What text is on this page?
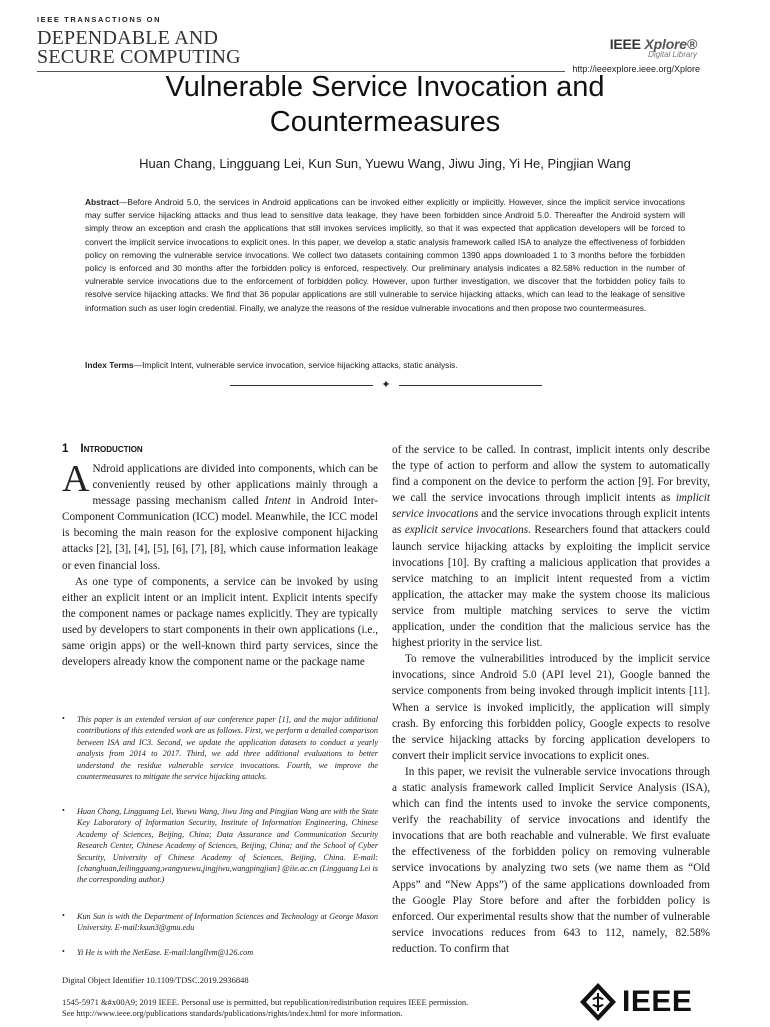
IEEE TRANSACTIONS ON
DEPENDABLE AND
SECURE COMPUTING
IEEE Xplore®
Digital Library
http://ieeexplore.ieee.org/Xplore
Vulnerable Service Invocation and
Countermeasures
Huan Chang, Lingguang Lei, Kun Sun, Yuewu Wang, Jiwu Jing, Yi He, Pingjian Wang
Abstract—Before Android 5.0, the services in Android applications can be invoked either explicitly or implicitly. However, since the implicit service invocations may suffer service hijacking attacks and thus lead to sensitive data leakage, they have been forbidden since Android 5.0. Thereafter the Android system will simply throw an exception and crash the applications that still invokes services implicitly, so that it was expected that application developers will be forced to convert the implicit service invocations to explicit ones. In this paper, we develop a static analysis framework called ISA to analyze the effectiveness of forbidden policy on removing the vulnerable service invocations. We collect two datasets containing common 1390 apps downloaded 1 to 3 months before the forbidden policy is enforced and 30 months after the forbidden policy is enforced, respectively. Our preliminary analysis indicates a 82.58% reduction in the number of vulnerable service invocations due to the enforcement of forbidden policy. However, upon further investigation, we discover that the forbidden policy fails to resolve service hijacking attacks. We find that 36 popular applications are still vulnerable to service hijacking attacks, which can lead to the leakage of sensitive information such as user login credential. Finally, we analyze the reasons of the residue vulnerable invocations and then propose two countermeasures.
Index Terms—Implicit Intent, vulnerable service invocation, service hijacking attacks, static analysis.
✦
1 Introduction

A Ndroid applications are divided into components, which can be conveniently reused by other applications mainly through a message passing mechanism called Intent in Android Inter-Component Communication (ICC) model. Meanwhile, the ICC model is becoming the main reason for the explosive component hijacking attacks [2], [3], [4], [5], [6], [7], [8], which cause information leakage or even financial loss.

As one type of components, a service can be invoked by using either an explicit intent or an implicit intent. Explicit intents specify the component names or package names explicitly. They are typically used by developers to start components in their own applications (i.e., same origin apps) or the well-known third party services, since the developers already know the component name or the package name

• This paper is an extended version of our conference paper [1], and the major additional contributions of this extended work are as follows. First, we perform a detailed comparison between ISA and IC3. Second, we update the application datasets to conduct a yearly analysis from 2014 to 2017. Third, we add three additional evaluations to better understand the residue vulnerable service invocations. Fourth, we improve the countermeasures to mitigate the service hijacking attacks.
• Huan Chang, Lingguang Lei, Yuewu Wang, Jiwu Jing and Pingjian Wang are with the State Key Laboratory of Information Security, Institute of Information Engineering, Chinese Academy of Sciences, Beijing, China; Data Assurance and Communication Security Research Center, Chinese Academy of Sciences, Beijing, China; and the School of Cyber Security, University of Chinese Academy of Sciences, Beijing, China. E-mail:{changhuan,leilingguang,wangyuewu,jingjiwu,wangpingjian} @iie.ac.cn (Lingguang Lei is the corresponding author.)
• Kun Sun is with the Department of Information Sciences and Technology at George Mason University. E-mail:ksun3@gmu.edu
• Yi He is with the NetEase. E-mail:langllvm@126.com

of the service to be called. In contrast, implicit intents only describe the type of action to perform and allow the system to automatically find a component on the device to perform the action [9]. For brevity, we call the service invocations through implicit intents as implicit service invocations and the service invocations through explicit intents as explicit service invocations. Researchers found that attackers could launch service hijacking attacks by exploiting the implicit service invocations [10]. By crafting a malicious application that provides a service matching to an implicit intent requested from a victim application, the attacker may make the system choose its malicious service from multiple matching services to serve the victim application, under the condition that the malicious service has the highest priority in the service list.

To remove the vulnerabilities introduced by the implicit service invocations, since Android 5.0 (API level 21), Google banned the service components from being invoked through implicit intents [11]. When a service is invoked implicitly, the application will simply crash. By enforcing this forbidden policy, Google expects to resolve the service hijacking attacks by forcing application developers to convert their implicit service invocations to explicit ones.

In this paper, we revisit the vulnerable service invocations through a static analysis framework called Implicit Service Analysis (ISA), which can find the intents used to invoke the service components, verify the reachability of service invocations and identify the invocations that are both reachable and vulnerable. We first evaluate the effectiveness of the forbidden policy on removing vulnerable service invocations by analyzing two sets (we name them as “Old Apps” and “New Apps”) of the same applications downloaded from the Google Play Store before and after the forbidden policy is enforced. Our experimental results show that the number of vulnerable service invocations reduces from 643 to 112, namely, 82.58% reduction. To confirm that

Digital Object Identifier 10.1109/TDSC.2019.2936848
1545-5971 &#x00A9; 2019 IEEE. Personal use is permitted, but republication/redistribution requires IEEE permission.
See http://www.ieee.org/publications standards/publications/rights/index.html for more information.	IEEE
